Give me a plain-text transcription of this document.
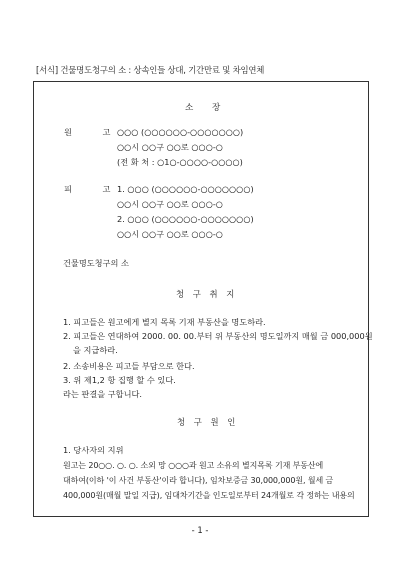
[서식] 건물명도청구의 소 : 상속인들 상대, 기간만료 및 차임연체
소 장
원 고
○○○ (○○○○○○-○○○○○○○)
○○시 ○○구 ○○로 ○○○-○
(전 화 처 : ○1○-○○○○-○○○○)
피 고
1. ○○○ (○○○○○○-○○○○○○○)
○○시 ○○구 ○○로 ○○○-○
2. ○○○ (○○○○○○-○○○○○○○)
○○시 ○○구 ○○로 ○○○-○
건물명도청구의 소
청 구 취 지
1. 피고들은 원고에게 별지 목록 기재 부동산을 명도하라.
2. 피고들은 연대하여 2000. 00. 00.부터 위 부동산의 명도일까지 매월 금 000,000원
을 지급하라.
2. 소송비용은 피고들 부담으로 한다.
3. 위 제1,2 항 집행 할 수 있다.
라는 판결을 구합니다.
청 구 원 인
1. 당사자의 지위
원고는 20○○. ○. ○. 소외 망 ○○○과 원고 소유의 별지목록 기재 부동산에
대하여(이하 '이 사건 부동산'이라 합니다), 임차보증금 30,000,000원, 월세 금
400,000원(매월 말일 지급), 임대차기간을 인도일로부터 24개월로 각 정하는 내용의
- 1 -
